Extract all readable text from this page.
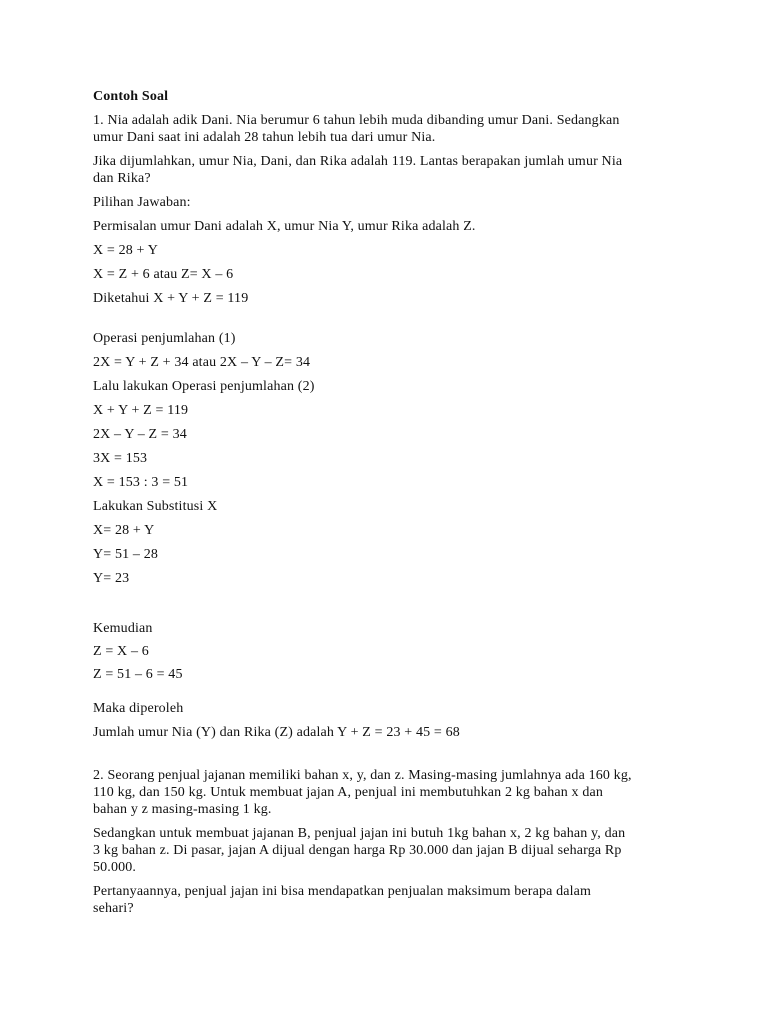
Contoh Soal

1. Nia adalah adik Dani. Nia berumur 6 tahun lebih muda dibanding umur Dani. Sedangkan

umur Dani saat ini adalah 28 tahun lebih tua dari umur Nia.

Jika dijumlahkan, umur Nia, Dani, dan Rika adalah 119. Lantas berapakan jumlah umur Nia

dan Rika?

Pilihan Jawaban:

Permisalan umur Dani adalah X, umur Nia Y, umur Rika adalah Z.

X = 28 + Y

X = Z + 6 atau Z= X – 6

Diketahui X + Y + Z = 119

Operasi penjumlahan (1)

2X = Y + Z + 34 atau 2X – Y – Z= 34

Lalu lakukan Operasi penjumlahan (2)

X + Y + Z = 119

2X – Y – Z = 34

3X = 153

X = 153 : 3 = 51

Lakukan Substitusi X

X= 28 + Y

Y= 51 – 28

Y= 23

Kemudian

Z = X – 6

Z = 51 – 6 = 45

Maka diperoleh

Jumlah umur Nia (Y) dan Rika (Z) adalah Y + Z = 23 + 45 = 68

2. Seorang penjual jajanan memiliki bahan x, y, dan z. Masing-masing jumlahnya ada 160 kg,

110 kg, dan 150 kg. Untuk membuat jajan A, penjual ini membutuhkan 2 kg bahan x dan

bahan y z masing-masing 1 kg.

Sedangkan untuk membuat jajanan B, penjual jajan ini butuh 1kg bahan x, 2 kg bahan y, dan

3 kg bahan z. Di pasar, jajan A dijual dengan harga Rp 30.000 dan jajan B dijual seharga Rp

50.000.

Pertanyaannya, penjual jajan ini bisa mendapatkan penjualan maksimum berapa dalam

sehari?
